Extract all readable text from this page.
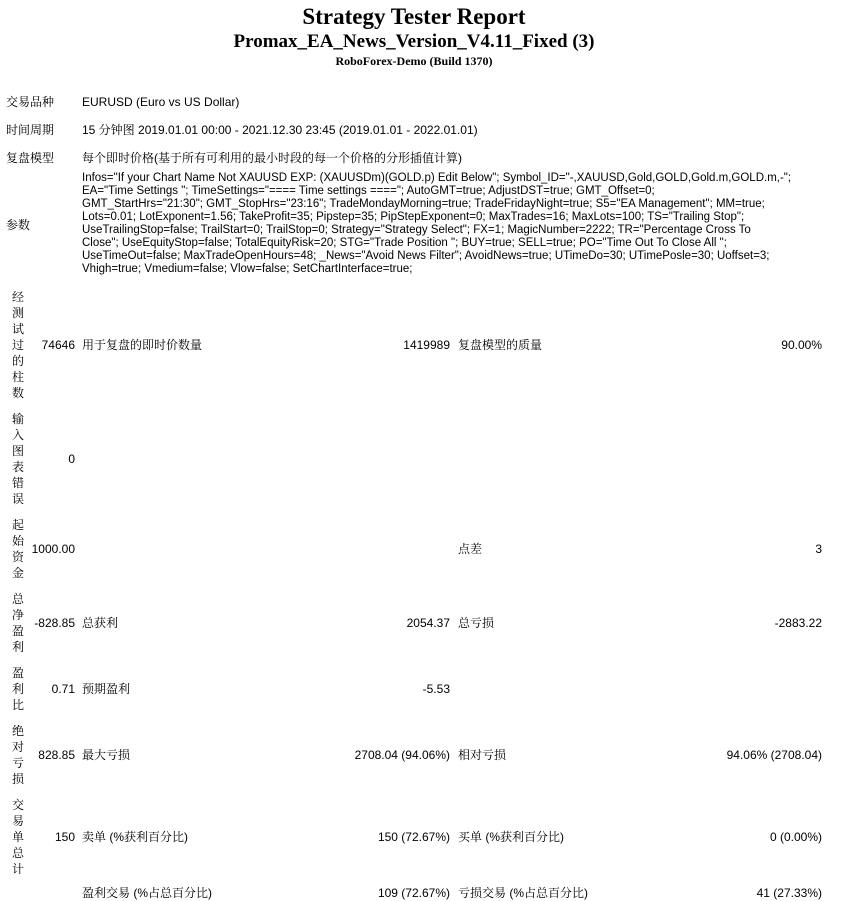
Strategy Tester Report
Promax_EA_News_Version_V4.11_Fixed (3)
RoboForex-Demo (Build 1370)
交易品种	EURUSD (Euro vs US Dollar)
时间周期	15 分钟图 2019.01.01 00:00 - 2021.12.30 23:45 (2019.01.01 - 2022.01.01)
复盘模型	每个即时价格(基于所有可利用的最小时段的每一个价格的分形插值计算)
参数
Infos="If your Chart Name Not XAUUSD EXP: (XAUUSDm)(GOLD.p) Edit Below"; Symbol_ID="-,XAUUSD,Gold,GOLD,Gold.m,GOLD.m,-";
EA="Time Settings "; TimeSettings="==== Time settings ===="; AutoGMT=true; AdjustDST=true; GMT_Offset=0;
GMT_StartHrs="21:30"; GMT_StopHrs="23:16"; TradeMondayMorning=true; TradeFridayNight=true; S5="EA Management"; MM=true;
Lots=0.01; LotExponent=1.56; TakeProfit=35; Pipstep=35; PipStepExponent=0; MaxTrades=16; MaxLots=100; TS="Trailing Stop";
UseTrailingStop=false; TrailStart=0; TrailStop=0; Strategy="Strategy Select"; FX=1; MagicNumber=2222; TR="Percentage Cross To
Close"; UseEquityStop=false; TotalEquityRisk=20; STG="Trade Position "; BUY=true; SELL=true; PO="Time Out To Close All ";
UseTimeOut=false; MaxTradeOpenHours=48; _News="Avoid News Filter"; AvoidNews=true; UTimeDo=30; UTimePosle=30; Uoffset=3;
Vhigh=true; Vmedium=false; Vlow=false; SetChartInterface=true;
经测试过的柱数
74646 用于复盘的即时价数量	1419989 复盘模型的质量	90.00%
输入图表错误
0
起始资金
1000.00	点差	3
总净盈利
-828.85 总获利	2054.37 总亏损	-2883.22
盈利比
0.71 预期盈利	-5.53
绝对亏损
828.85 最大亏损	2708.04 (94.06%) 相对亏损	94.06% (2708.04)
交易单总计
150 卖单 (%获利百分比)	150 (72.67%) 买单 (%获利百分比)	0 (0.00%)
盈利交易 (%占总百分比)	109 (72.67%) 亏损交易 (%占总百分比)	41 (27.33%)
